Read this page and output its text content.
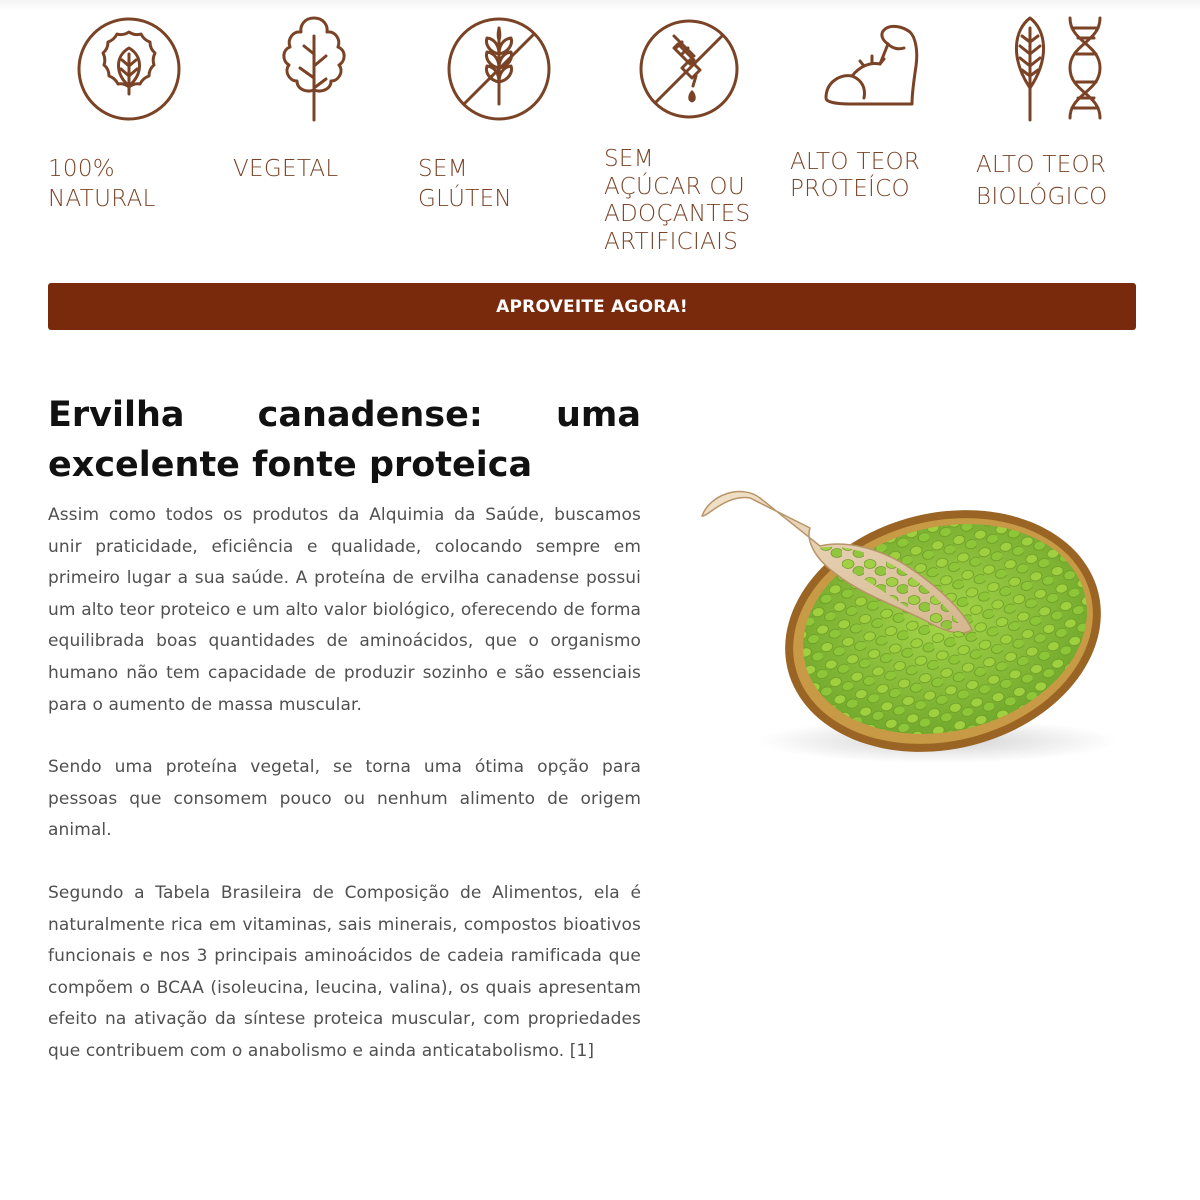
100%
NATURAL
VEGETAL	SEM
GLÚTEN
SEM
AÇÚCAR OU
ADOÇANTES
ARTIFICIAIS
ALTO TEOR
PROTEÍCO
ALTO TEOR
BIOLÓGICO
APROVEITE AGORA!
Ervilha canadense: uma excelente fonte proteica

Assim como todos os produtos da Alquimia da Saúde, buscamos unir praticidade, eficiência e qualidade, colocando sempre em primeiro lugar a sua saúde. A proteína de ervilha canadense possui um alto teor proteico e um alto valor biológico, oferecendo de forma equilibrada boas quantidades de aminoácidos, que o organismo humano não tem capacidade de produzir sozinho e são essenciais para o aumento de massa muscular.

Sendo uma proteína vegetal, se torna uma ótima opção para pessoas que consomem pouco ou nenhum alimento de origem animal.

Segundo a Tabela Brasileira de Composição de Alimentos, ela é naturalmente rica em vitaminas, sais minerais, compostos bioativos funcionais e nos 3 principais aminoácidos de cadeia ramificada que compõem o BCAA (isoleucina, leucina, valina), os quais apresentam efeito na ativação da síntese proteica muscular, com propriedades que contribuem com o anabolismo e ainda anticatabolismo. [1]
